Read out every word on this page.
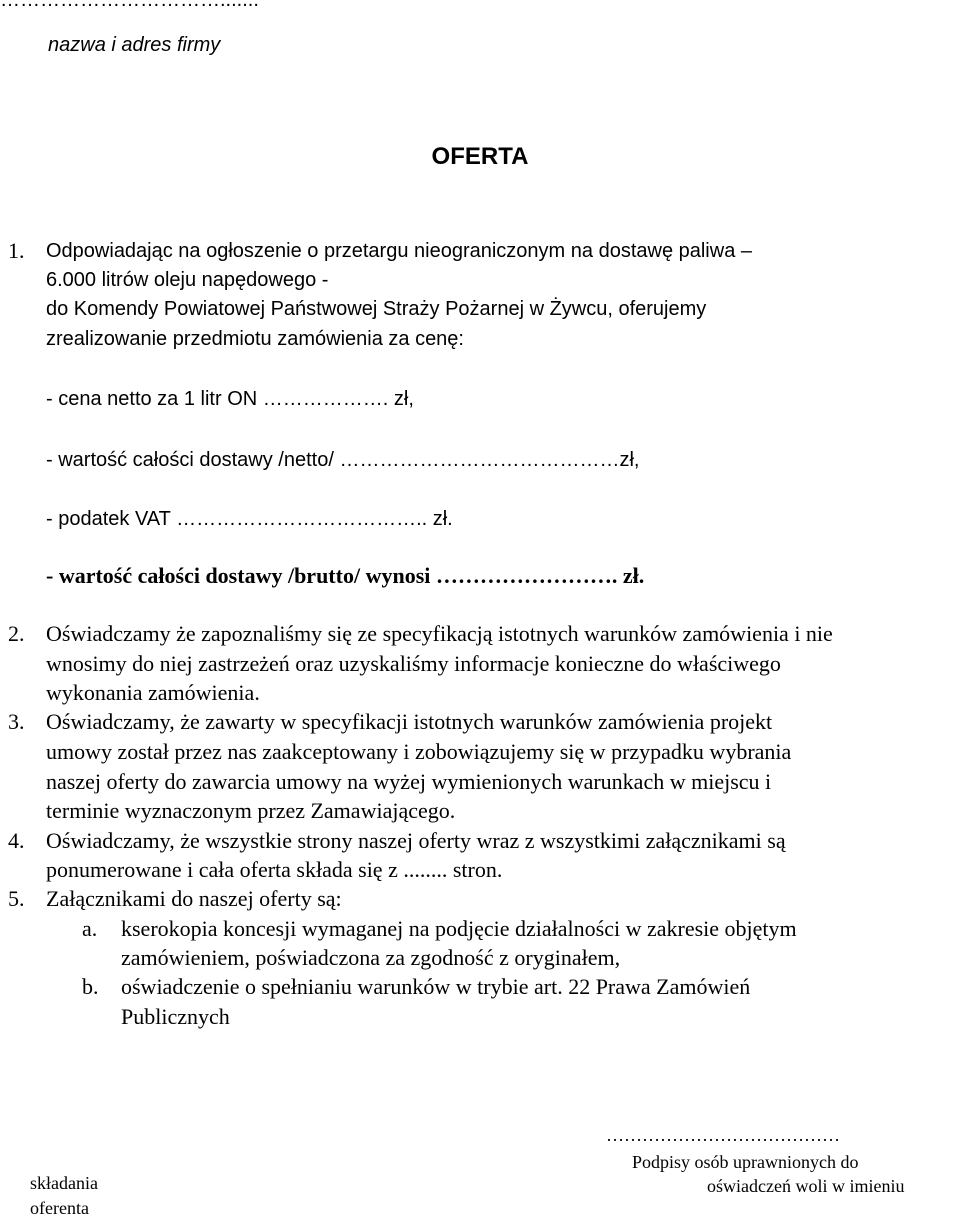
…………………………….......
nazwa i adres firmy
OFERTA
1. Odpowiadając na ogłoszenie o przetargu nieograniczonym na dostawę paliwa –
6.000 litrów oleju napędowego -
do Komendy Powiatowej Państwowej Straży Pożarnej w Żywcu, oferujemy
zrealizowanie przedmiotu zamówienia za cenę:
- cena netto za 1 litr ON ………………. zł,
- wartość całości dostawy /netto/ ……………………………………zł,
- podatek VAT ……………………………….. zł.
- wartość całości dostawy /brutto/ wynosi ……………………. zł.
2. Oświadczamy że zapoznaliśmy się ze specyfikacją istotnych warunków zamówienia i nie
wnosimy do niej zastrzeżeń oraz uzyskaliśmy informacje konieczne do właściwego
wykonania zamówienia.
3. Oświadczamy, że zawarty w specyfikacji istotnych warunków zamówienia projekt
umowy został przez nas zaakceptowany i zobowiązujemy się w przypadku wybrania
naszej oferty do zawarcia umowy na wyżej wymienionych warunkach w miejscu i
terminie wyznaczonym przez Zamawiającego.
4. Oświadczamy, że wszystkie strony naszej oferty wraz z wszystkimi załącznikami są
ponumerowane i cała oferta składa się z ........ stron.
5. Załącznikami do naszej oferty są:
a. kserokopia koncesji wymaganej na podjęcie działalności w zakresie objętym
zamówieniem, poświadczona za zgodność z oryginałem,
b. oświadczenie o spełnianiu warunków w trybie art. 22 Prawa Zamówień
Publicznych
…………………………………
Podpisy osób uprawnionych do
oświadczeń woli w imieniu
składania
oferenta
